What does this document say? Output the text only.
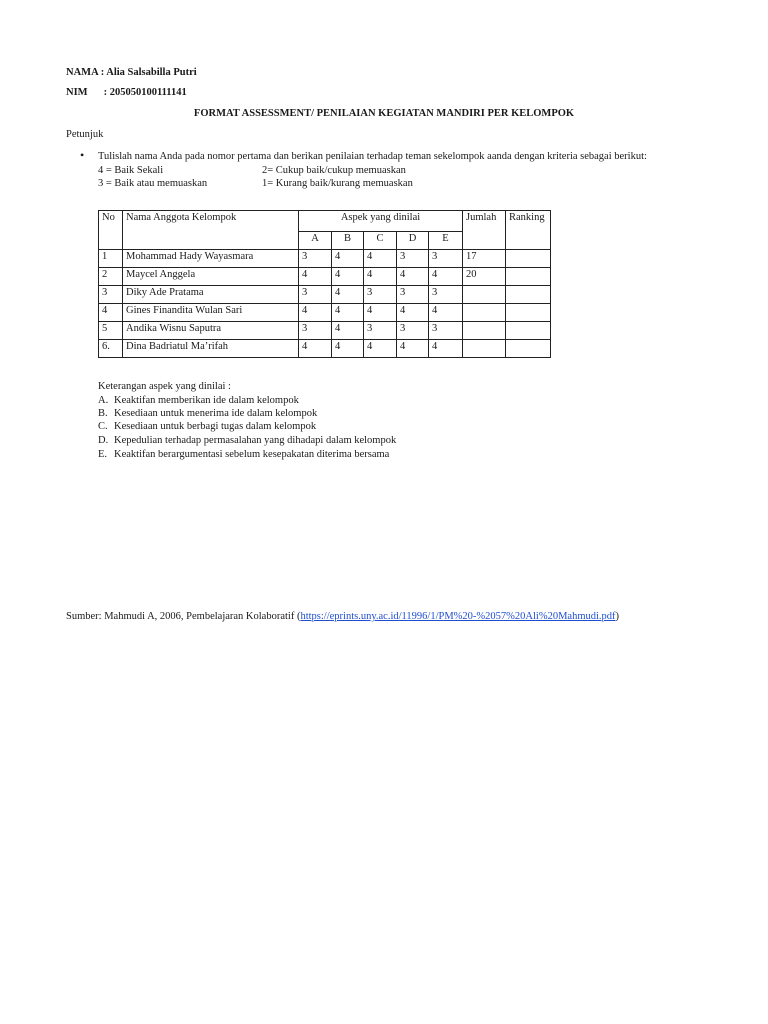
NAMA : Alia Salsabilla Putri
NIM : 205050100111141
FORMAT ASSESSMENT/ PENILAIAN KEGIATAN MANDIRI PER KELOMPOK
Petunjuk
• Tulislah nama Anda pada nomor pertama dan berikan penilaian terhadap teman sekelompok aanda dengan kriteria sebagai berikut:
4 = Baik Sekali	2= Cukup baik/cukup memuaskan
3 = Baik atau memuaskan	1= Kurang baik/kurang memuaskan
No	Nama Anggota Kelompok	Aspek yang dinilai					Jumlah	Ranking
		A	B	C	D	E		
1	Mohammad Hady Wayasmara	3	4	4	3	3	17	
2	Maycel Anggela	4	4	4	4	4	20	
3	Diky Ade Pratama	3	4	3	3	3		
4	Gines Finandita Wulan Sari	4	4	4	4	4		
5	Andika Wisnu Saputra	3	4	3	3	3		
6.	Dina Badriatul Ma’rifah	4	4	4	4	4		
Keterangan aspek yang dinilai :
A. Keaktifan memberikan ide dalam kelompok
B. Kesediaan untuk menerima ide dalam kelompok
C. Kesediaan untuk berbagi tugas dalam kelompok
D. Kepedulian terhadap permasalahan yang dihadapi dalam kelompok
E. Keaktifan berargumentasi sebelum kesepakatan diterima bersama
Sumber: Mahmudi A, 2006, Pembelajaran Kolaboratif (https://eprints.uny.ac.id/11996/1/PM%20-%2057%20Ali%20Mahmudi.pdf)
